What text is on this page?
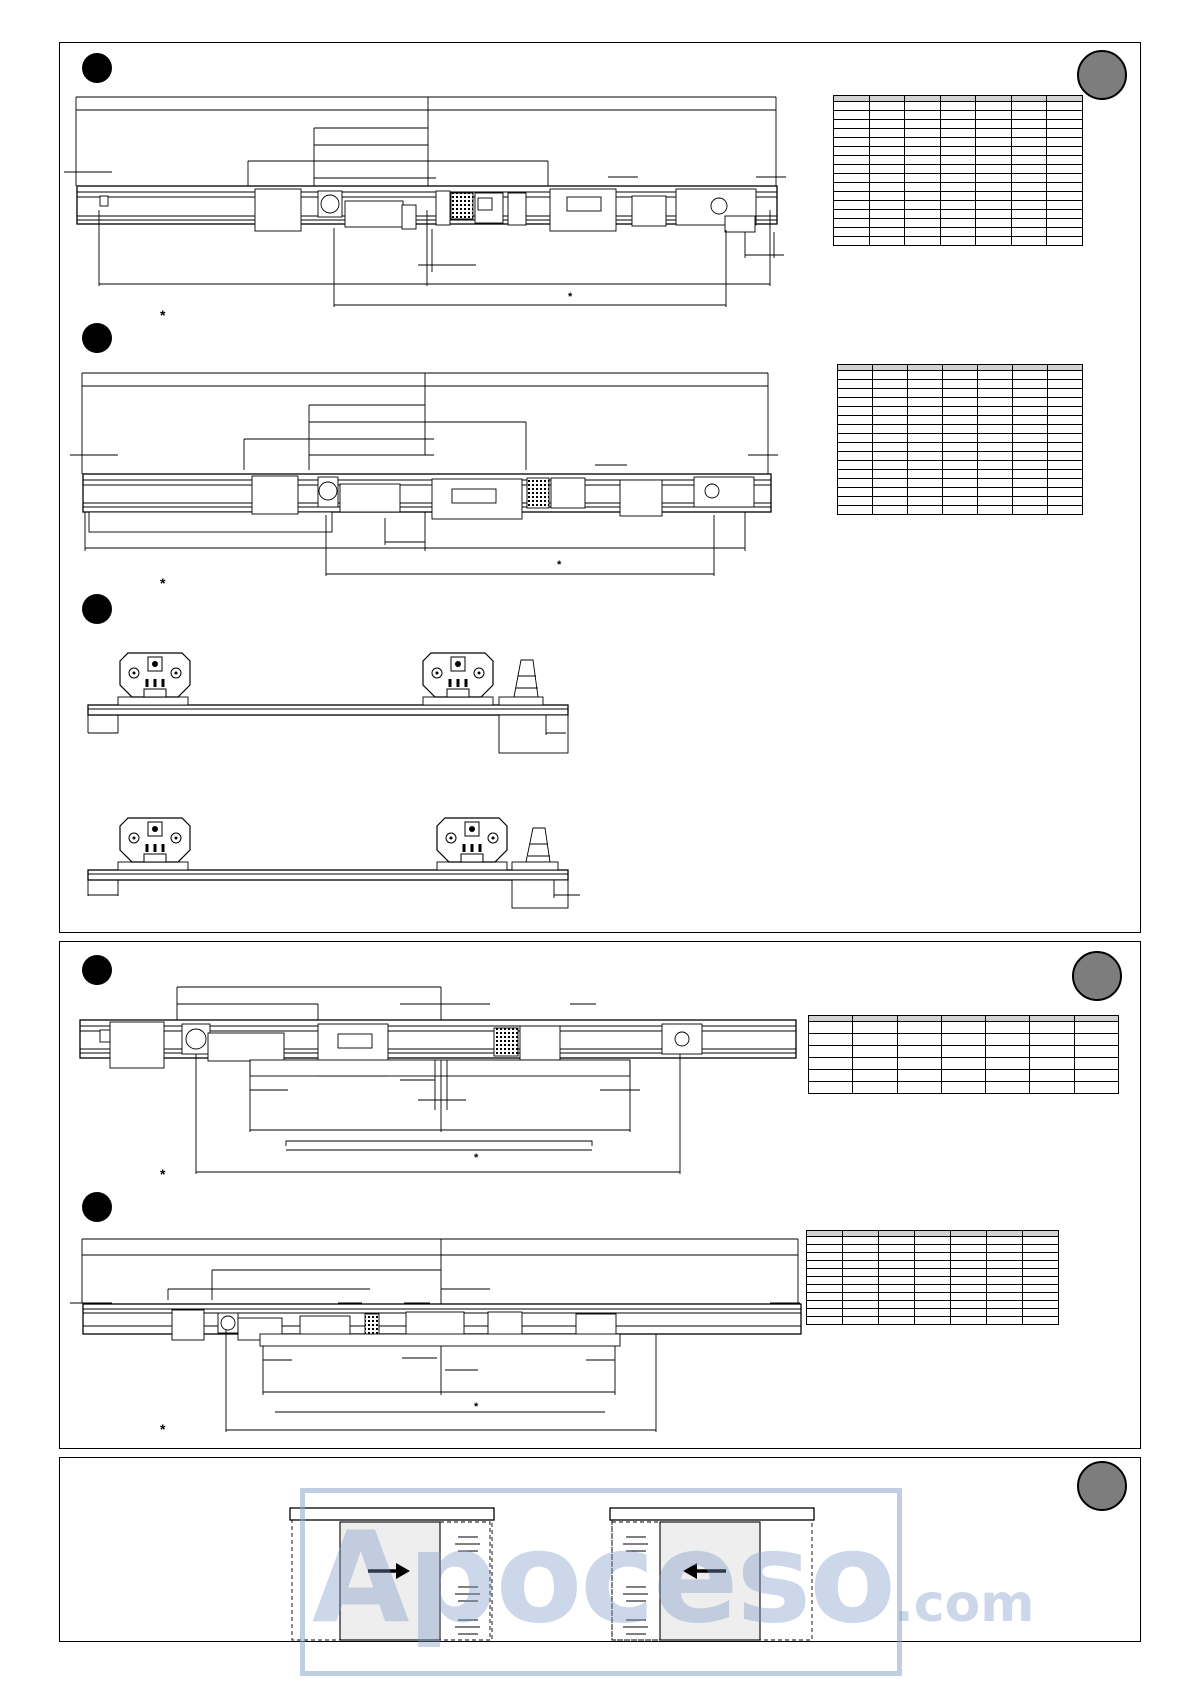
*
*
*
*
*
*
*
*

Apoceso.com
